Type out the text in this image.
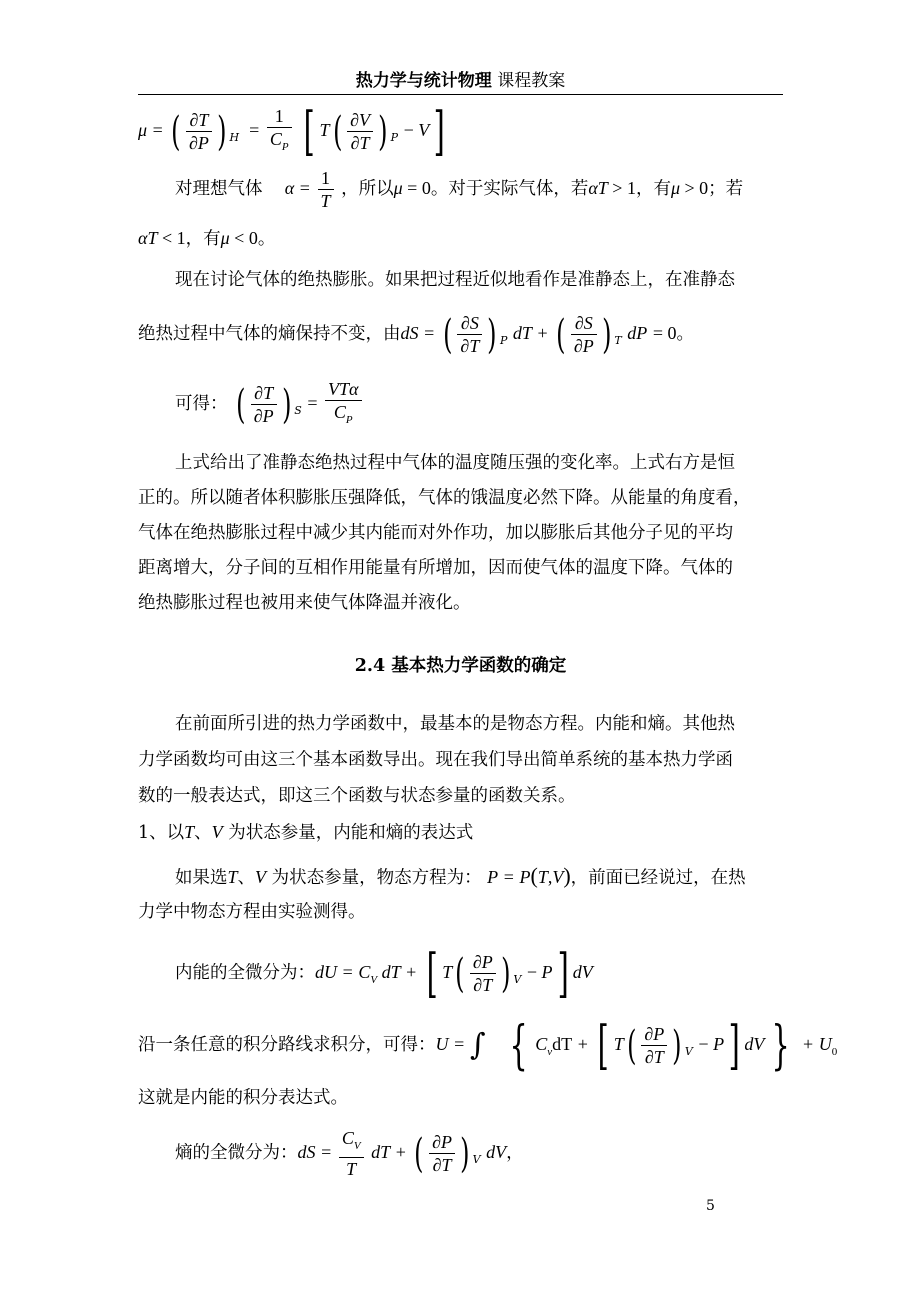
热力学与统计物理 课程教案
μ = ( $\frac{\partial T}{\partial P}$ ) $_H = \frac{1}{C_P}$ [ $T( \frac{\partial V}{\partial T}$ ) $_P$ − V]
对理想气体 $\alpha = \frac{1}{T}$ ，所以μ = 0。对于实际气体，若αT > 1，有μ > 0；若
αT < 1，有μ < 0。
现在讨论气体的绝热膨胀。如果把过程近似地看作是准静态上，在准静态
绝热过程中气体的熵保持不变，由dS = ( $\frac{\partial S}{\partial T}$ ) $_P$ dT + ( $\frac{\partial S}{\partial P}$ ) $_T$ dP = 0。
可得： ( $\frac{\partial T}{\partial P}$ ) $_S = \frac{\text{VTα}}{C_P}$
上式给出了准静态绝热过程中气体的温度随压强的变化率。上式右方是恒
正的。所以随者体积膨胀压强降低，气体的饿温度必然下降。从能量的角度看，
气体在绝热膨胀过程中减少其内能而对外作功，加以膨胀后其他分子见的平均
距离增大，分子间的互相作用能量有所增加，因而使气体的温度下降。气体的
绝热膨胀过程也被用来使气体降温并液化。
2.4 基本热力学函数的确定
在前面所引进的热力学函数中，最基本的是物态方程。内能和熵。其他热
力学函数均可由这三个基本函数导出。现在我们导出简单系统的基本热力学函
数的一般表达式，即这三个函数与状态参量的函数关系。
1、以T、V 为状态参量，内能和熵的表达式
如果选T、V 为状态参量，物态方程为： P = P(T,V)，前面已经说过，在热
力学中物态方程由实验测得。
内能的全微分为：dU = $C_V$ dT + [ $T( \frac{\partial P}{\partial T}$ ) $_V$ − P] dV
沿一条任意的积分路线求积分，可得：U = ∫ { $C_vdT$ + [ $T( \frac{\partial P}{\partial T}$ ) $_V$ − P] dV } + $U_0$
这就是内能的积分表达式。
熵的全微分为：dS = $\frac{C_V}{T}$ dT + ( $\frac{\partial P}{\partial T}$ ) $_V$ dV，
5
